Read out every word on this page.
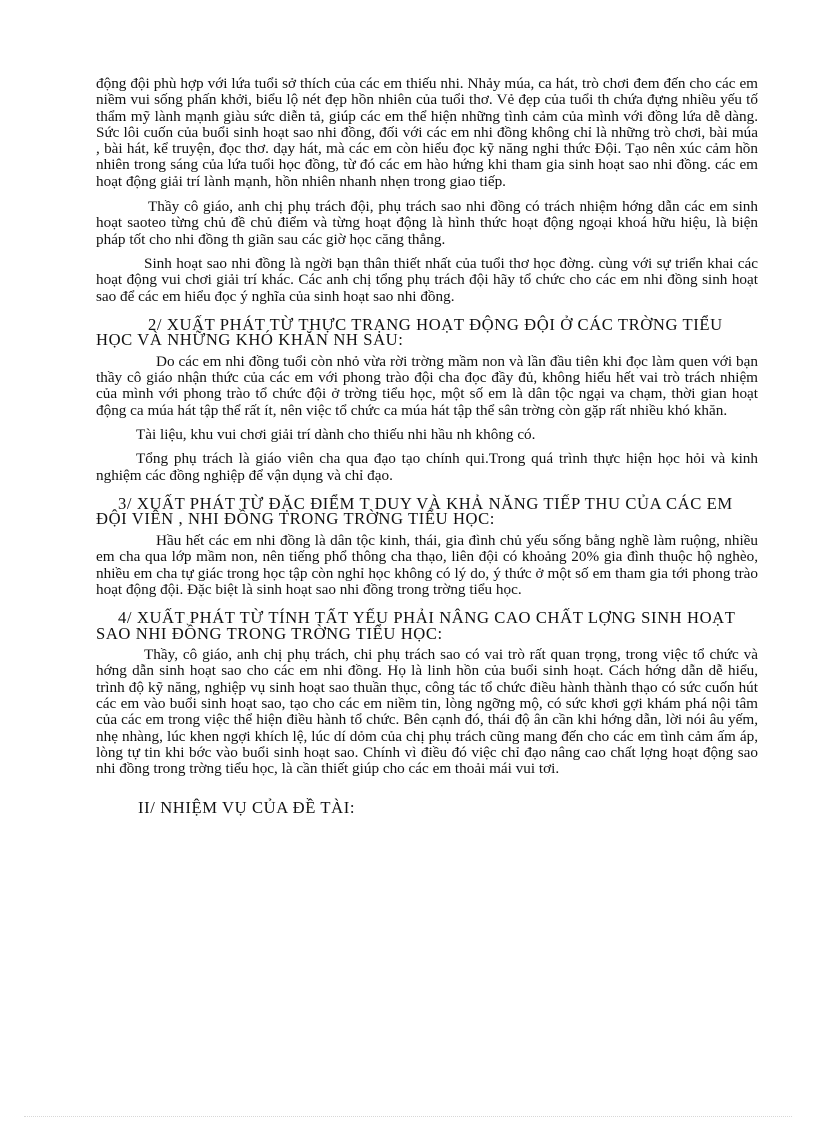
động đội phù hợp với lứa tuổi sở thích của các em thiếu nhi. Nhảy múa, ca hát, trò chơi đem đến cho các em niềm vui sống phấn khởi, biểu lộ nét đẹp hồn nhiên của tuổi thơ. Vẻ đẹp của tuổi th chứa đựng nhiều yếu tố thẩm mỹ lành mạnh giàu sức diễn tả, giúp các em thể hiện những tình cảm của mình với đồng lứa dễ dàng. Sức lôi cuốn của buổi sinh hoạt sao nhi đồng, đối với các em nhi đồng không chỉ là những trò chơi, bài múa , bài hát, kể truyện, đọc thơ. dạy hát, mà các em còn hiểu đọc kỹ năng nghi thức Đội. Tạo nên xúc cảm hồn nhiên trong sáng của lứa tuổi học đồng, từ đó các em hào hứng khi tham gia sinh hoạt sao nhi đồng. các em hoạt động giải trí lành mạnh, hồn nhiên nhanh nhẹn trong giao tiếp.

Thầy cô giáo, anh chị phụ trách đội, phụ trách sao nhi đồng có trách nhiệm hớng dẫn các em sinh hoạt saoteo từng chủ đề chủ điểm và từng hoạt động là hình thức hoạt động ngoại khoá hữu hiệu, là biện pháp tốt cho nhi đồng th giãn sau các giờ học căng thẳng.

Sinh hoạt sao nhi đồng là ngời bạn thân thiết nhất của tuổi thơ học đờng. cùng với sự triển khai các hoạt động vui chơi giải trí khác. Các anh chị tổng phụ trách đội hãy tổ chức cho các em nhi đồng sinh hoạt sao để các em hiểu đọc ý nghĩa của sinh hoạt sao nhi đồng.

2/ XUẤT PHÁT TỪ THỰC TRẠNG HOẠT ĐỘNG ĐỘI Ở CÁC TRỜNG TIỂU HỌC VÀ NHỮNG KHÓ KHĂN NH SAU:

Do các em nhi đồng tuổi còn nhỏ vừa rời trờng mầm non và lần đầu tiên khi đọc làm quen với bạn thầy cô giáo nhận thức của các em với phong trào đội cha đọc đầy đủ, không hiểu hết vai trò trách nhiệm của mình với phong trào tổ chức đội ở trờng tiểu học, một số em là dân tộc ngại va chạm, thời gian hoạt động ca múa hát tập thể rất ít, nên việc tổ chức ca múa hát tập thể sân trờng còn gặp rất nhiều khó khăn.

Tài liệu, khu vui chơi giải trí dành cho thiếu nhi hầu nh không có.

Tổng phụ trách là giáo viên cha qua đạo tạo chính qui.Trong quá trình thực hiện học hỏi và kinh nghiệm các đồng nghiệp để vận dụng và chỉ đạo.

3/ XUẤT PHÁT TỪ ĐẶC ĐIỂM T DUY VÀ KHẢ NĂNG TIẾP THU CỦA CÁC EM ĐỘI VIÊN , NHI ĐỒNG TRONG TRỜNG TIỂU HỌC:

Hầu hết các em nhi đồng là dân tộc kinh, thái, gia đình chủ yếu sống bằng nghề làm ruộng, nhiều em cha qua lớp mầm non, nên tiếng phổ thông cha thạo, liên đội có khoảng 20% gia đình thuộc hộ nghèo, nhiều em cha tự giác trong học tập còn nghỉ học không có lý do, ý thức ở một số em tham gia tới phong trào hoạt động đội. Đặc biệt là sinh hoạt sao nhi đồng trong trờng tiểu học.

4/ XUẤT PHÁT TỪ TÍNH TẤT YẾU PHẢI NÂNG CAO CHẤT LỢNG SINH HOẠT SAO NHI ĐỒNG TRONG TRỜNG TIỂU HỌC:

Thầy, cô giáo, anh chị phụ trách, chi phụ trách sao có vai trò rất quan trọng, trong việc tổ chức và hớng dẫn sinh hoạt sao cho các em nhi đồng. Họ là linh hồn của buổi sinh hoạt. Cách hớng dẫn dễ hiểu, trình độ kỹ năng, nghiệp vụ sinh hoạt sao thuần thục, công tác tổ chức điều hành thành thạo có sức cuốn hút các em vào buổi sinh hoạt sao, tạo cho các em niềm tin, lòng ngỡng mộ, có sức khơi gợi khám phá nội tâm của các em trong việc thể hiện điều hành tổ chức. Bên cạnh đó, thái độ ân cần khi hớng dẫn, lời nói âu yếm, nhẹ nhàng, lúc khen ngợi khích lệ, lúc dí dỏm của chị phụ trách cũng mang đến cho các em tình cảm ấm áp, lòng tự tin khi bớc vào buổi sinh hoạt sao. Chính vì điều đó việc chỉ đạo nâng cao chất lợng hoạt động sao nhi đồng trong trờng tiểu học, là cần thiết giúp cho các em thoải mái vui tơi.

II/ NHIỆM VỤ CỦA ĐỀ TÀI:
